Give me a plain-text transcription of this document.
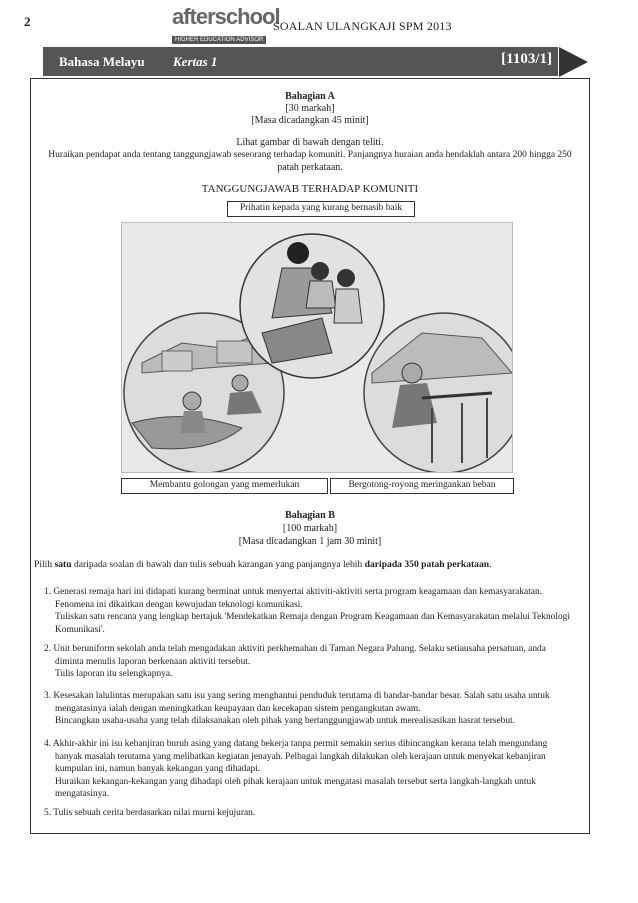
2	afterschool
HIGHER EDUCATION ADVISOR
SOALAN ULANGKAJI SPM 2013
Bahasa Melayu Kertas 1	[1103/1]
Bahagian A
[30 markah]
[Masa dicadangkan 45 minit]
Lihat gambar di bawah dengan teliti.
Huraikan pendapat anda tentang tanggungjawab seseorang terhadap komuniti. Panjangnya huraian anda hendaklah antara 200 hingga 250
patah perkataan.
TANGGUNGJAWAB TERHADAP KOMUNITI
Prihatin kepada yang kurang bernasib baik
Membantu golongan yang memerlukan	Bergotong-royong meringankan beban
Bahagian B
[100 markah]
[Masa dicadangkan 1 jam 30 minit]
Pilih satu daripada soalan di bawah dan tulis sebuah karangan yang panjangnya lebih daripada 350 patah perkataan.
1. Generasi remaja hari ini didapati kurang berminat untuk menyertai aktiviti-aktiviti serta program keagamaan dan kemasyarakatan.
Fenomena ini dikaitkan dengan kewujudan teknologi komunikasi.
Tuliskan satu rencana yang lengkap bertajuk 'Mendekatkan Remaja dengan Program Keagamaan dan Kemasyarakatan melalui Teknologi
Komunikasi'.
2. Unit beruniform sekolah anda telah mengadakan aktiviti perkhemahan di Taman Negara Pahang. Selaku setiausaha persatuan, anda
diminta menulis laporan berkenaan aktiviti tersebut.
Tulis laporan itu selengkapnya.
3. Kesesakan lalulintas merupakan satu isu yang sering menghantui penduduk terutama di bandar-bandar besar. Salah satu usaha untuk
mengatasinya ialah dengan meningkatkan keupayaan dan kecekapan sistem pengangkutan awam.
Bincangkan usaha-usaha yang telah dilaksanakan oleh pihak yang bertanggungjawab untuk merealisasikan hasrat tersebut.
4. Akhir-akhir ini isu kebanjiran buruh asing yang datang bekerja tanpa permit semakin serius dibincangkan kerana telah mengundang
banyak masalah terutama yang melibatkan kegiatan jenayah. Pelbagai langkah dilakukan oleh kerajaan untuk menyekat kebanjiran
kumpulan ini, namun banyak kekangan yang dihadapi.
Huraikan kekangan-kekangan yang dihadapi oleh pihak kerajaan untuk mengatasi masalah tersebut serta langkah-langkah untuk
mengatasinya.
5. Tulis sebuah cerita berdasarkan nilai murni kejujuran.
